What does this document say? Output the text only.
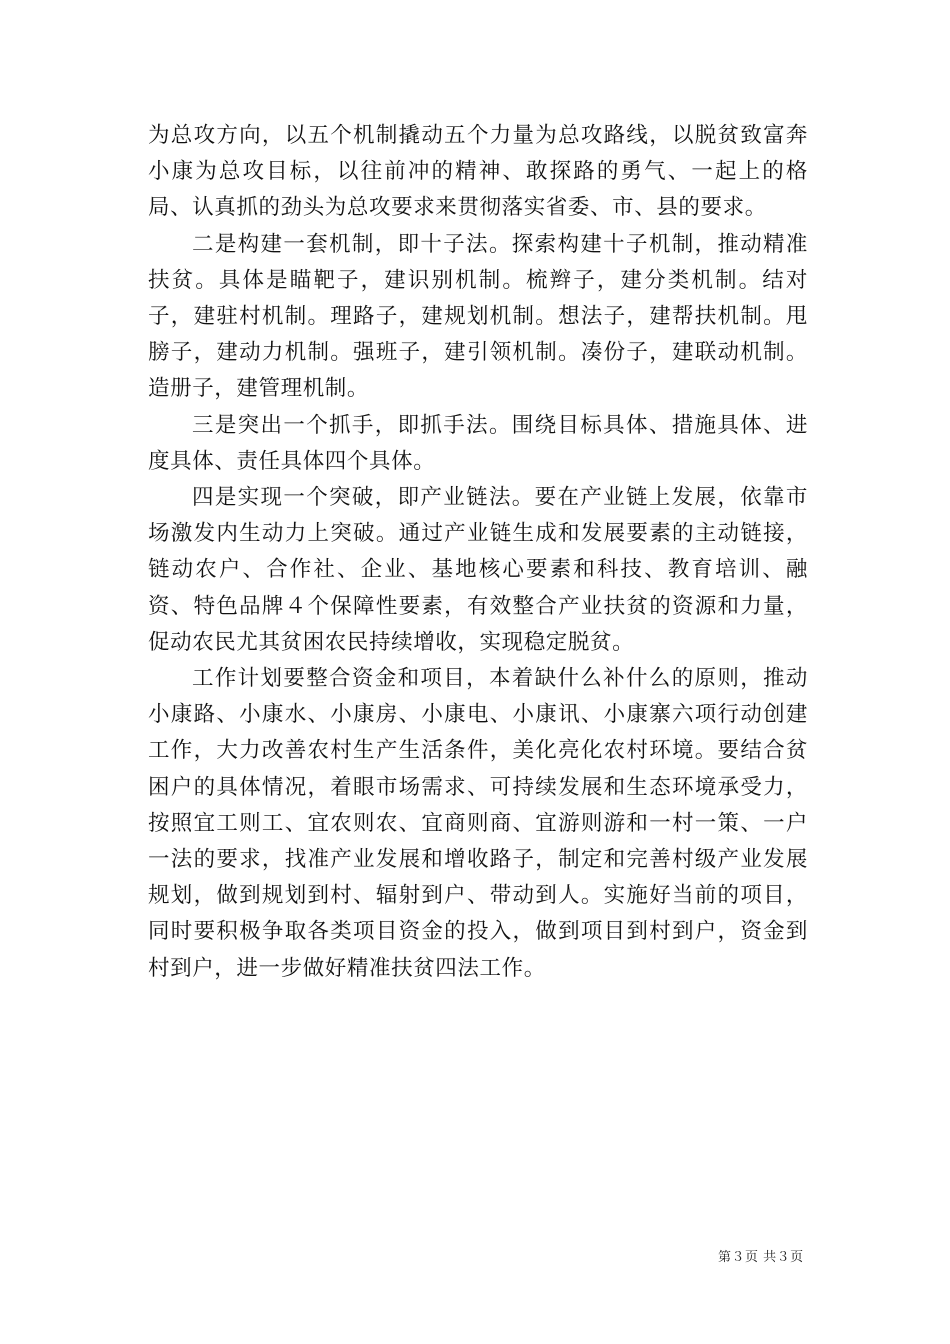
为总攻方向，以五个机制撬动五个力量为总攻路线，以脱贫致富奔小康为总攻目标，以往前冲的精神、敢探路的勇气、一起上的格局、认真抓的劲头为总攻要求来贯彻落实省委、市、县的要求。

二是构建一套机制，即十子法。探索构建十子机制，推动精准扶贫。具体是瞄靶子，建识别机制。梳辫子，建分类机制。结对子，建驻村机制。理路子，建规划机制。想法子，建帮扶机制。甩膀子，建动力机制。强班子，建引领机制。凑份子，建联动机制。造册子，建管理机制。

三是突出一个抓手，即抓手法。围绕目标具体、措施具体、进度具体、责任具体四个具体。

四是实现一个突破，即产业链法。要在产业链上发展，依靠市场激发内生动力上突破。通过产业链生成和发展要素的主动链接，链动农户、合作社、企业、基地核心要素和科技、教育培训、融资、特色品牌４个保障性要素，有效整合产业扶贫的资源和力量，促动农民尤其贫困农民持续增收，实现稳定脱贫。

工作计划要整合资金和项目，本着缺什么补什么的原则，推动小康路、小康水、小康房、小康电、小康讯、小康寨六项行动创建工作，大力改善农村生产生活条件，美化亮化农村环境。要结合贫困户的具体情况，着眼市场需求、可持续发展和生态环境承受力，按照宜工则工、宜农则农、宜商则商、宜游则游和一村一策、一户一法的要求，找准产业发展和增收路子，制定和完善村级产业发展规划，做到规划到村、辐射到户、带动到人。实施好当前的项目，同时要积极争取各类项目资金的投入，做到项目到村到户，资金到村到户，进一步做好精准扶贫四法工作。

第３页 共３页
